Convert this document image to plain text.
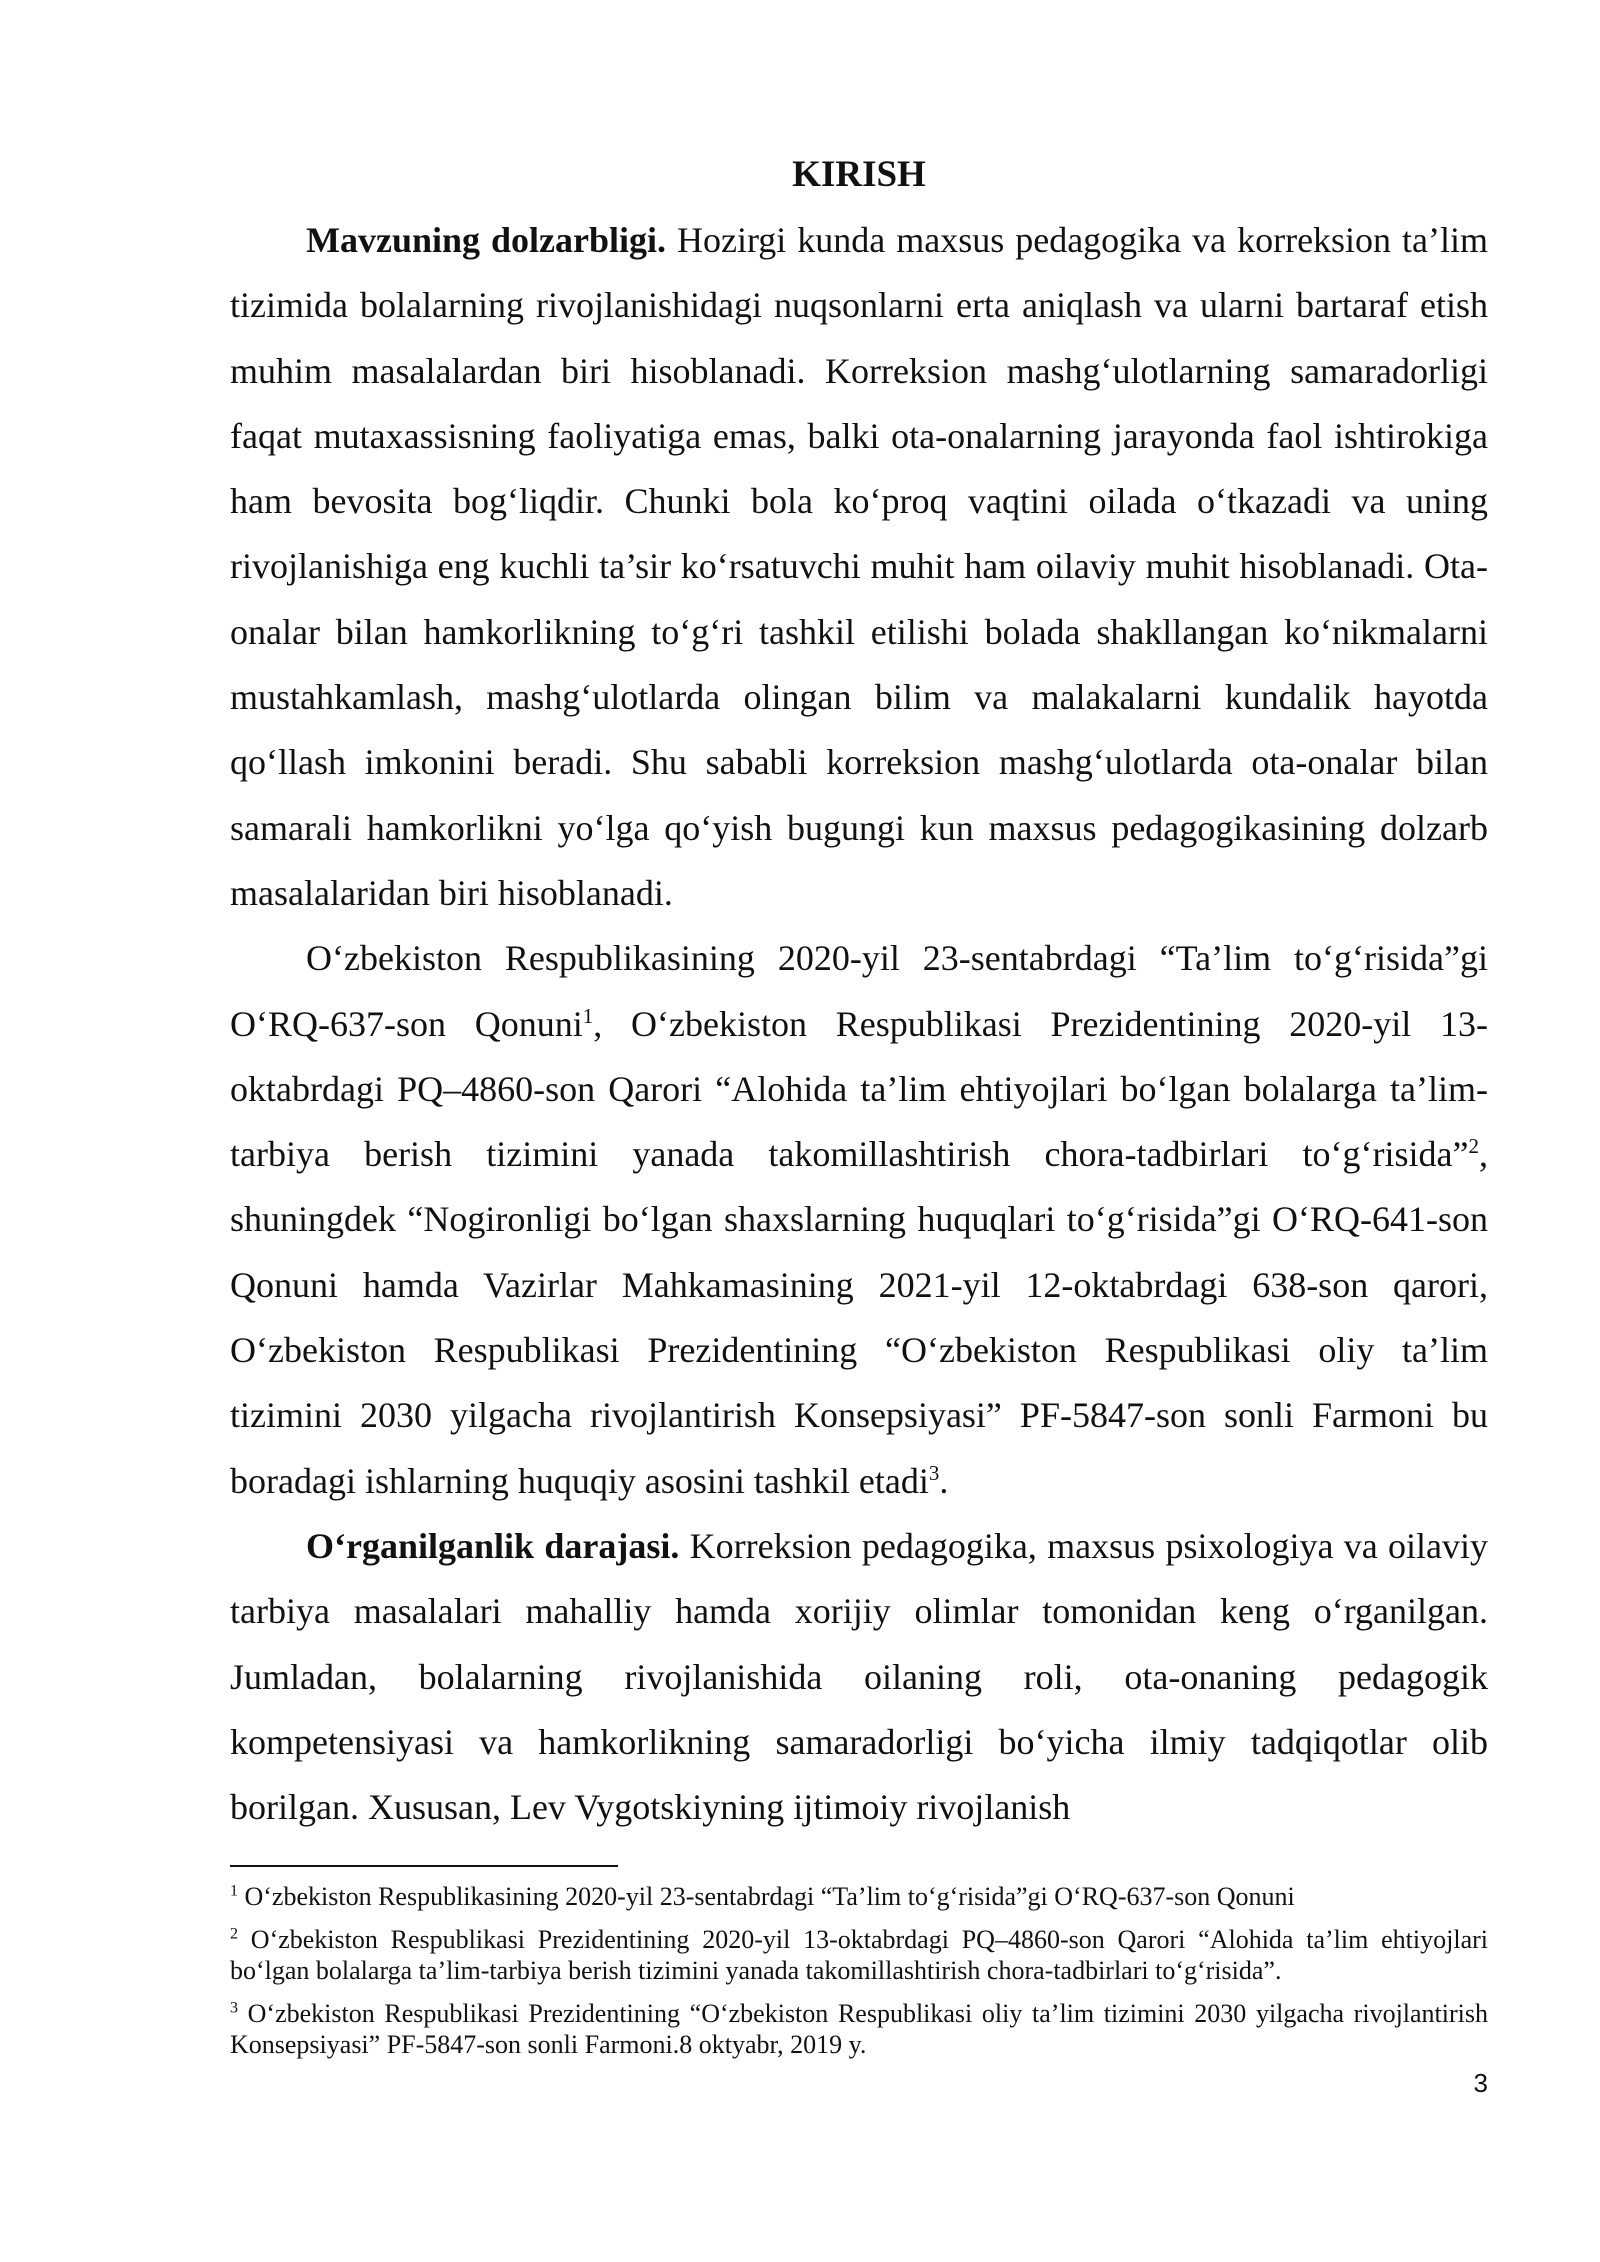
KIRISH

Mavzuning dolzarbligi. Hozirgi kunda maxsus pedagogika va korreksion ta’lim tizimida bolalarning rivojlanishidagi nuqsonlarni erta aniqlash va ularni bartaraf etish muhim masalalardan biri hisoblanadi. Korreksion mashg‘ulotlarning samaradorligi faqat mutaxassisning faoliyatiga emas, balki ota-onalarning jarayonda faol ishtirokiga ham bevosita bog‘liqdir. Chunki bola ko‘proq vaqtini oilada o‘tkazadi va uning rivojlanishiga eng kuchli ta’sir ko‘rsatuvchi muhit ham oilaviy muhit hisoblanadi. Ota-onalar bilan hamkorlikning to‘g‘ri tashkil etilishi bolada shakllangan ko‘nikmalarni mustahkamlash, mashg‘ulotlarda olingan bilim va malakalarni kundalik hayotda qo‘llash imkonini beradi. Shu sababli korreksion mashg‘ulotlarda ota-onalar bilan samarali hamkorlikni yo‘lga qo‘yish bugungi kun maxsus pedagogikasining dolzarb masalalaridan biri hisoblanadi.

O‘zbekiston Respublikasining 2020-yil 23-sentabrdagi “Ta’lim to‘g‘risida”gi O‘RQ-637-son Qonuni$^1$, O‘zbekiston Respublikasi Prezidentining 2020-yil 13-oktabrdagi PQ–4860-son Qarori “Alohida ta’lim ehtiyojlari bo‘lgan bolalarga ta’lim-tarbiya berish tizimini yanada takomillashtirish chora-tadbirlari to‘g‘risida”$^2$, shuningdek “Nogironligi bo‘lgan shaxslarning huquqlari to‘g‘risida”gi O‘RQ-641-son Qonuni hamda Vazirlar Mahkamasining 2021-yil 12-oktabrdagi 638-son qarori, O‘zbekiston Respublikasi Prezidentining “O‘zbekiston Respublikasi oliy ta’lim tizimini 2030 yilgacha rivojlantirish Konsepsiyasi” PF-5847-son sonli Farmoni bu boradagi ishlarning huquqiy asosini tashkil etadi$^3$.

O‘rganilganlik darajasi. Korreksion pedagogika, maxsus psixologiya va oilaviy tarbiya masalalari mahalliy hamda xorijiy olimlar tomonidan keng o‘rganilgan. Jumladan, bolalarning rivojlanishida oilaning roli, ota-onaning pedagogik kompetensiyasi va hamkorlikning samaradorligi bo‘yicha ilmiy tadqiqotlar olib borilgan. Xususan, Lev Vygotskiyning ijtimoiy rivojlanish

$^1$ O‘zbekiston Respublikasining 2020-yil 23-sentabrdagi “Ta’lim to‘g‘risida”gi O‘RQ-637-son Qonuni

$^2$ O‘zbekiston Respublikasi Prezidentining 2020-yil 13-oktabrdagi PQ–4860-son Qarori “Alohida ta’lim ehtiyojlari bo‘lgan bolalarga ta’lim-tarbiya berish tizimini yanada takomillashtirish chora-tadbirlari to‘g‘risida”.

$^3$ O‘zbekiston Respublikasi Prezidentining “O‘zbekiston Respublikasi oliy ta’lim tizimini 2030 yilgacha rivojlantirish Konsepsiyasi” PF-5847-son sonli Farmoni.8 oktyabr, 2019 y.

3
